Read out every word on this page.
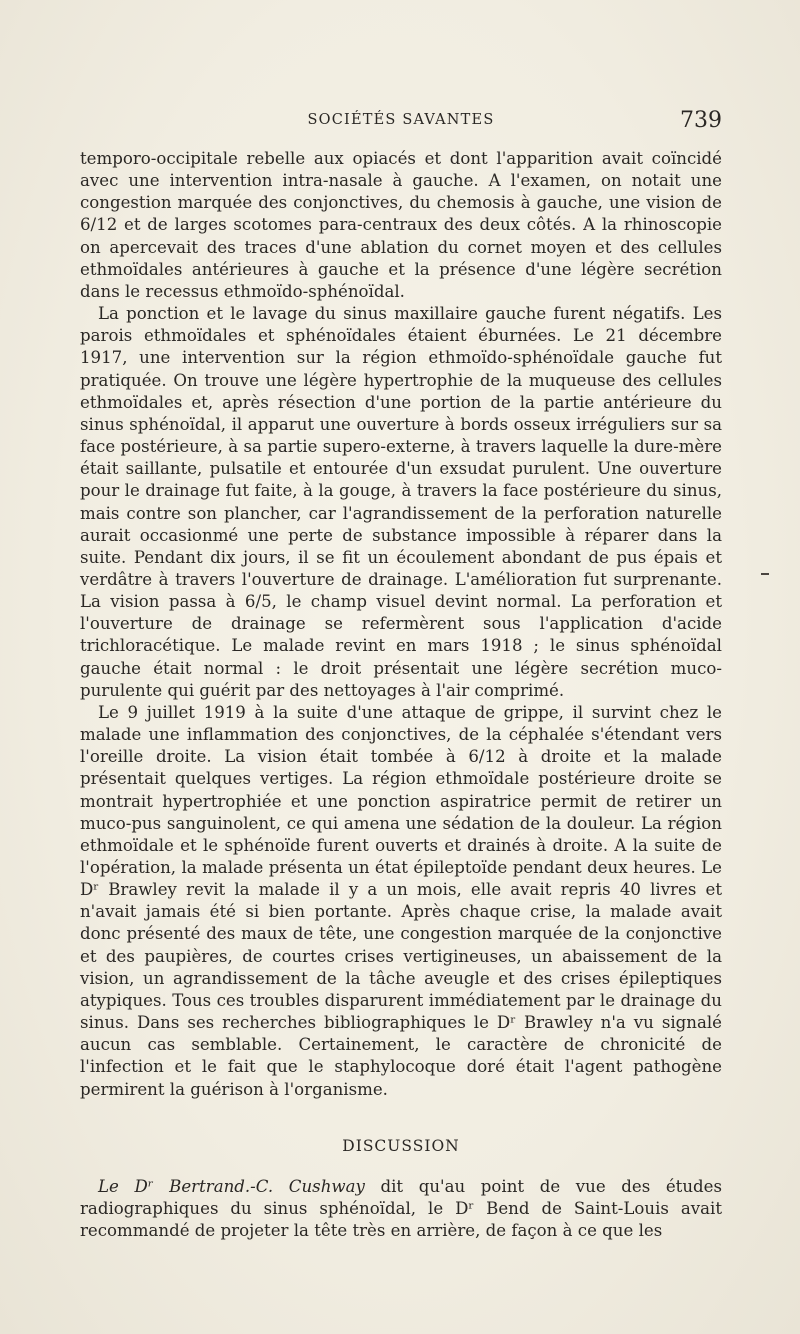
SOCIÉTÉS SAVANTES	739

temporo-occipitale rebelle aux opiacés et dont l'apparition avait coïncidé avec une intervention intra-nasale à gauche. A l'examen, on notait une congestion marquée des conjonctives, du chemosis à gauche, une vision de 6/12 et de larges scotomes para-centraux des deux côtés. A la rhinoscopie on apercevait des traces d'une ablation du cornet moyen et des cellules ethmoïdales antérieures à gauche et la présence d'une légère secrétion dans le recessus ethmoïdo-sphénoïdal.

La ponction et le lavage du sinus maxillaire gauche furent négatifs. Les parois ethmoïdales et sphénoïdales étaient éburnées. Le 21 décembre 1917, une intervention sur la région ethmoïdo-sphénoïdale gauche fut pratiquée. On trouve une légère hypertrophie de la muqueuse des cellules ethmoïdales et, après résection d'une portion de la partie antérieure du sinus sphénoïdal, il apparut une ouverture à bords osseux irréguliers sur sa face postérieure, à sa partie supero-externe, à travers laquelle la dure-mère était saillante, pulsatile et entourée d'un exsudat purulent. Une ouverture pour le drainage fut faite, à la gouge, à travers la face postérieure du sinus, mais contre son plancher, car l'agrandissement de la perforation naturelle aurait occasionmé une perte de substance impossible à réparer dans la suite. Pendant dix jours, il se fit un écoulement abondant de pus épais et verdâtre à travers l'ouverture de drainage. L'amélioration fut surprenante. La vision passa à 6/5, le champ visuel devint normal. La perforation et l'ouverture de drainage se refermèrent sous l'application d'acide trichloracétique. Le malade revint en mars 1918 ; le sinus sphénoïdal gauche était normal : le droit présentait une légère secrétion muco-purulente qui guérit par des nettoyages à l'air comprimé.

Le 9 juillet 1919 à la suite d'une attaque de grippe, il survint chez le malade une inflammation des conjonctives, de la céphalée s'étendant vers l'oreille droite. La vision était tombée à 6/12 à droite et la malade présentait quelques vertiges. La région ethmoïdale postérieure droite se montrait hypertrophiée et une ponction aspiratrice permit de retirer un muco-pus sanguinolent, ce qui amena une sédation de la douleur. La région ethmoïdale et le sphénoïde furent ouverts et drainés à droite. A la suite de l'opération, la malade présenta un état épileptoïde pendant deux heures. Le Dʳ Brawley revit la malade il y a un mois, elle avait repris 40 livres et n'avait jamais été si bien portante. Après chaque crise, la malade avait donc présenté des maux de tête, une congestion marquée de la conjonctive et des paupières, de courtes crises vertigineuses, un abaissement de la vision, un agrandissement de la tâche aveugle et des crises épileptiques atypiques. Tous ces troubles disparurent immédiatement par le drainage du sinus. Dans ses recherches bibliographiques le Dʳ Brawley n'a vu signalé aucun cas semblable. Certainement, le caractère de chronicité de l'infection et le fait que le staphylocoque doré était l'agent pathogène permirent la guérison à l'organisme.

DISCUSSION

Le Dʳ Bertrand.-C. Cushway dit qu'au point de vue des études radiographiques du sinus sphénoïdal, le Dʳ Bend de Saint-Louis avait recommandé de projeter la tête très en arrière, de façon à ce que les
